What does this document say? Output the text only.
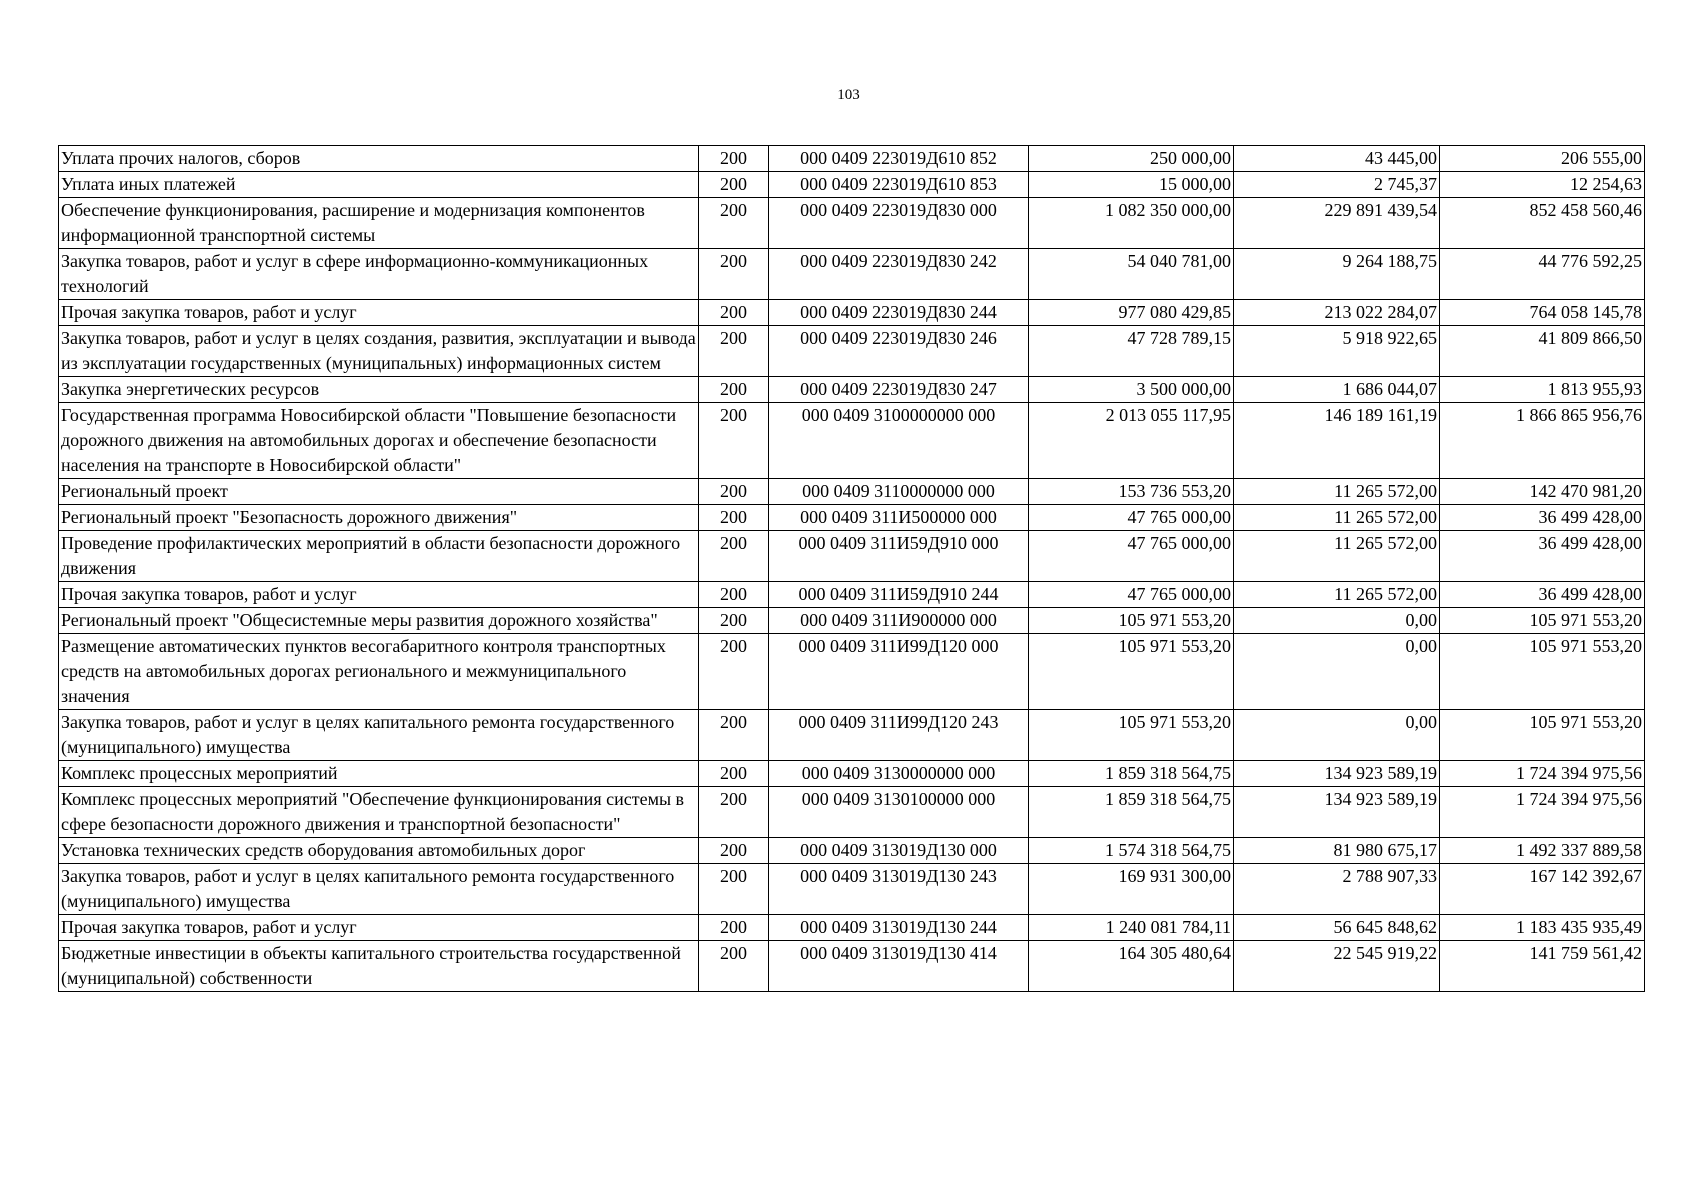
103
Уплата прочих налогов, сборов	200	000 0409 223019Д610 852	250 000,00	43 445,00	206 555,00
Уплата иных платежей	200	000 0409 223019Д610 853	15 000,00	2 745,37	12 254,63
Обеспечение функционирования, расширение и модернизация компонентов информационной транспортной системы	200	000 0409 223019Д830 000	1 082 350 000,00	229 891 439,54	852 458 560,46
Закупка товаров, работ и услуг в сфере информационно-коммуникационных технологий	200	000 0409 223019Д830 242	54 040 781,00	9 264 188,75	44 776 592,25
Прочая закупка товаров, работ и услуг	200	000 0409 223019Д830 244	977 080 429,85	213 022 284,07	764 058 145,78
Закупка товаров, работ и услуг в целях создания, развития, эксплуатации и вывода из эксплуатации государственных (муниципальных) информационных систем	200	000 0409 223019Д830 246	47 728 789,15	5 918 922,65	41 809 866,50
Закупка энергетических ресурсов	200	000 0409 223019Д830 247	3 500 000,00	1 686 044,07	1 813 955,93
Государственная программа Новосибирской области "Повышение безопасности дорожного движения на автомобильных дорогах и обеспечение безопасности населения на транспорте в Новосибирской области"	200	000 0409 3100000000 000	2 013 055 117,95	146 189 161,19	1 866 865 956,76
Региональный проект	200	000 0409 3110000000 000	153 736 553,20	11 265 572,00	142 470 981,20
Региональный проект "Безопасность дорожного движения"	200	000 0409 311И500000 000	47 765 000,00	11 265 572,00	36 499 428,00
Проведение профилактических мероприятий в области безопасности дорожного движения	200	000 0409 311И59Д910 000	47 765 000,00	11 265 572,00	36 499 428,00
Прочая закупка товаров, работ и услуг	200	000 0409 311И59Д910 244	47 765 000,00	11 265 572,00	36 499 428,00
Региональный проект "Общесистемные меры развития дорожного хозяйства"	200	000 0409 311И900000 000	105 971 553,20	0,00	105 971 553,20
Размещение автоматических пунктов весогабаритного контроля транспортных средств на автомобильных дорогах регионального и межмуниципального значения	200	000 0409 311И99Д120 000	105 971 553,20	0,00	105 971 553,20
Закупка товаров, работ и услуг в целях капитального ремонта государственного (муниципального) имущества	200	000 0409 311И99Д120 243	105 971 553,20	0,00	105 971 553,20
Комплекс процессных мероприятий	200	000 0409 3130000000 000	1 859 318 564,75	134 923 589,19	1 724 394 975,56
Комплекс процессных мероприятий "Обеспечение функционирования системы в сфере безопасности дорожного движения и транспортной безопасности"	200	000 0409 3130100000 000	1 859 318 564,75	134 923 589,19	1 724 394 975,56
Установка технических средств оборудования автомобильных дорог	200	000 0409 313019Д130 000	1 574 318 564,75	81 980 675,17	1 492 337 889,58
Закупка товаров, работ и услуг в целях капитального ремонта государственного (муниципального) имущества	200	000 0409 313019Д130 243	169 931 300,00	2 788 907,33	167 142 392,67
Прочая закупка товаров, работ и услуг	200	000 0409 313019Д130 244	1 240 081 784,11	56 645 848,62	1 183 435 935,49
Бюджетные инвестиции в объекты капитального строительства государственной (муниципальной) собственности	200	000 0409 313019Д130 414	164 305 480,64	22 545 919,22	141 759 561,42
